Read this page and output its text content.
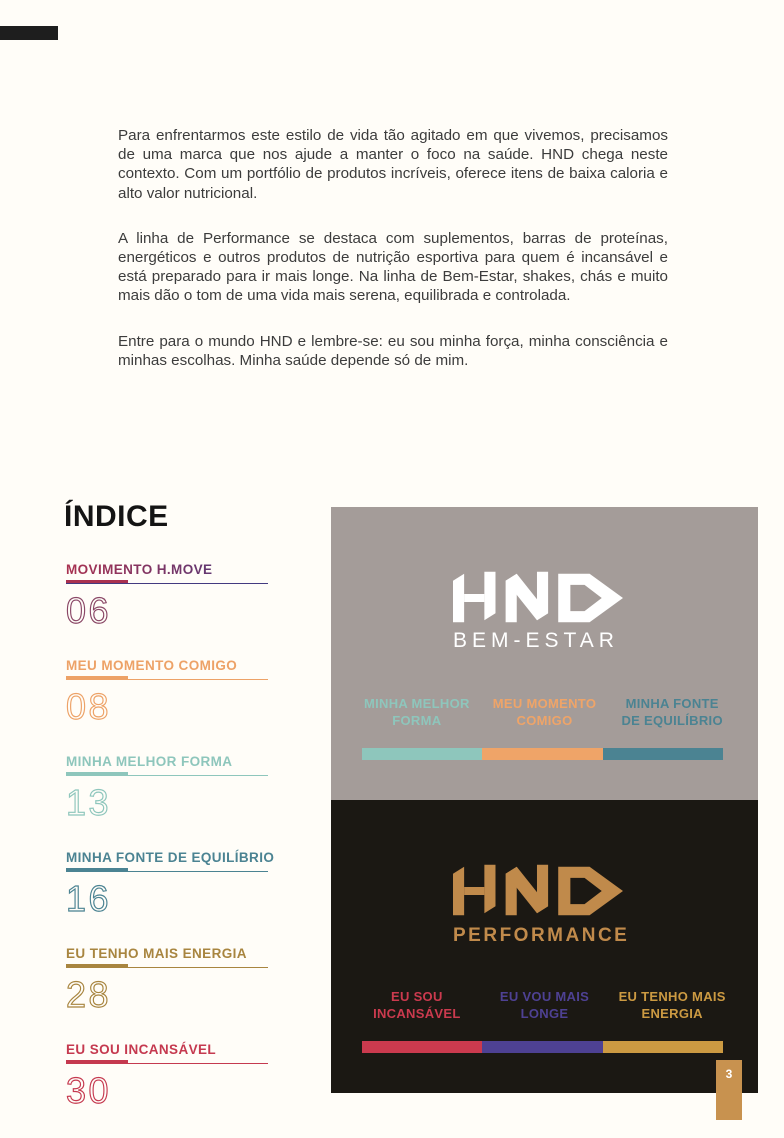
Para enfrentarmos este estilo de vida tão agitado em que vivemos, precisamos de uma marca que nos ajude a manter o foco na saúde. HND chega neste contexto. Com um portfólio de produtos incríveis, oferece itens de baixa caloria e alto valor nutricional.

A linha de Performance se destaca com suplementos, barras de proteínas, energéticos e outros produtos de nutrição esportiva para quem é incansável e está preparado para ir mais longe. Na linha de Bem-Estar, shakes, chás e muito mais dão o tom de uma vida mais serena, equilibrada e controlada.

Entre para o mundo HND e lembre-se: eu sou minha força, minha consciência e minhas escolhas. Minha saúde depende só de mim.

ÍNDICE
MOVIMENTO H.MOVE
06
MEU MOMENTO COMIGO
08
MINHA MELHOR FORMA
13
MINHA FONTE DE EQUILÍBRIO
16
EU TENHO MAIS ENERGIA
28
EU SOU INCANSÁVEL
30
BEM-ESTAR
MINHA MELHOR FORMA
MEU MOMENTO COMIGO
MINHA FONTE DE EQUILÍBRIO
PERFORMANCE
EU SOU INCANSÁVEL
EU VOU MAIS LONGE
EU TENHO MAIS ENERGIA
3
